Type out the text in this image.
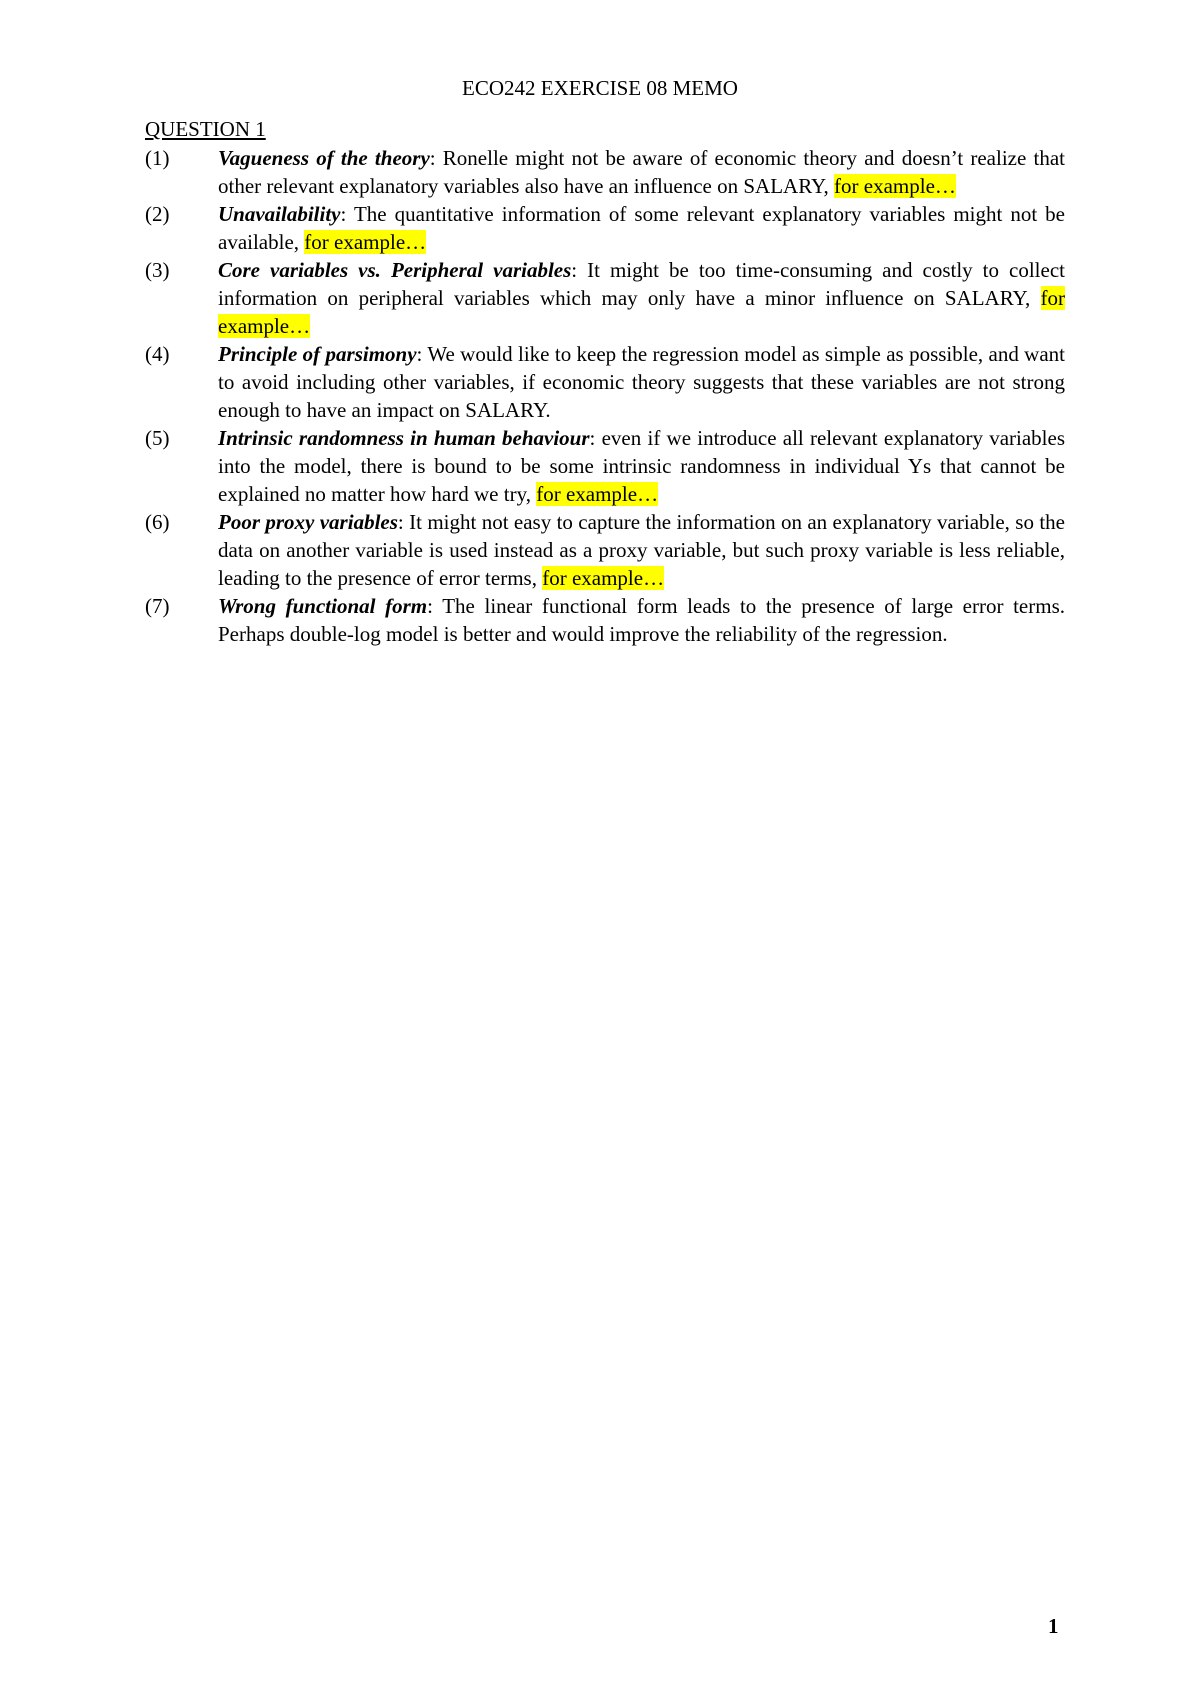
ECO242 EXERCISE 08 MEMO
QUESTION 1
(1)	Vagueness of the theory: Ronelle might not be aware of economic theory and doesn’t realize that other relevant explanatory variables also have an influence on SALARY, for example…
(2)	Unavailability: The quantitative information of some relevant explanatory variables might not be available, for example…
(3)	Core variables vs. Peripheral variables: It might be too time-consuming and costly to collect information on peripheral variables which may only have a minor influence on SALARY, for example…
(4)	Principle of parsimony: We would like to keep the regression model as simple as possible, and want to avoid including other variables, if economic theory suggests that these variables are not strong enough to have an impact on SALARY.
(5)	Intrinsic randomness in human behaviour: even if we introduce all relevant explanatory variables into the model, there is bound to be some intrinsic randomness in individual Ys that cannot be explained no matter how hard we try, for example…
(6)	Poor proxy variables: It might not easy to capture the information on an explanatory variable, so the data on another variable is used instead as a proxy variable, but such proxy variable is less reliable, leading to the presence of error terms, for example…
(7)	Wrong functional form: The linear functional form leads to the presence of large error terms. Perhaps double-log model is better and would improve the reliability of the regression.
1
